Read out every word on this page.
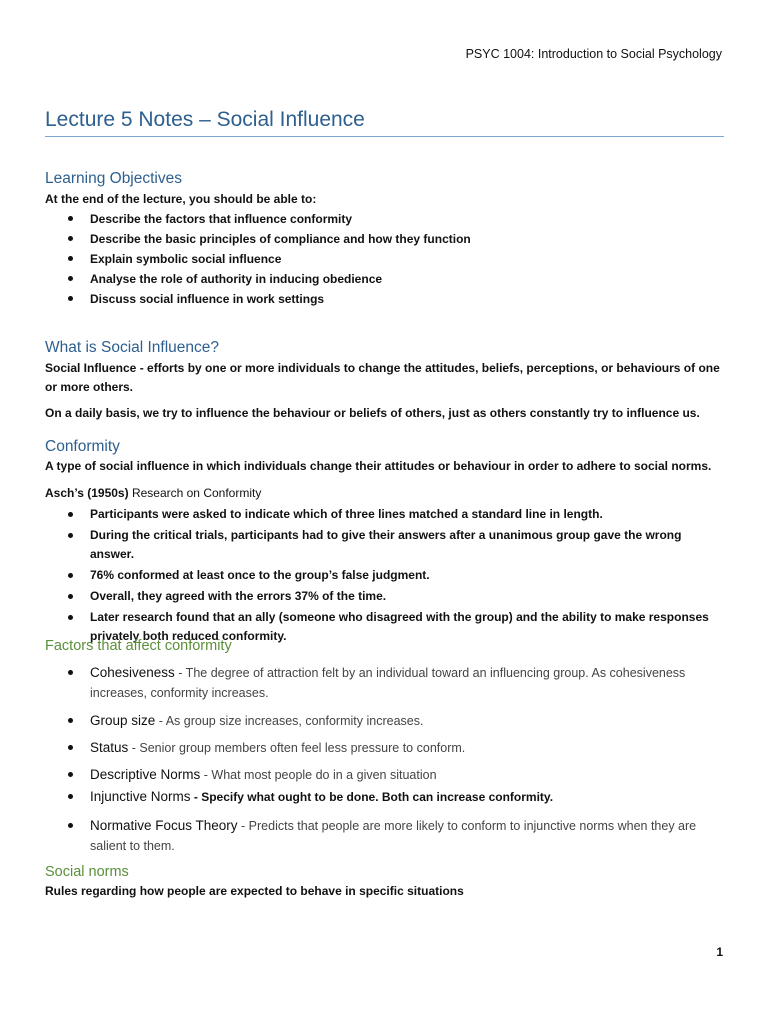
PSYC 1004: Introduction to Social Psychology
Lecture 5 Notes – Social Influence
Learning Objectives
At the end of the lecture, you should be able to:
Describe the factors that influence conformity
Describe the basic principles of compliance and how they function
Explain symbolic social influence
Analyse the role of authority in inducing obedience
Discuss social influence in work settings
What is Social Influence?
Social Influence - efforts by one or more individuals to change the attitudes, beliefs, perceptions, or behaviours of one or more others.
On a daily basis, we try to influence the behaviour or beliefs of others, just as others constantly try to influence us.
Conformity
A type of social influence in which individuals change their attitudes or behaviour in order to adhere to social norms.
Asch’s (1950s) Research on Conformity
Participants were asked to indicate which of three lines matched a standard line in length.
During the critical trials, participants had to give their answers after a unanimous group gave the wrong answer.
76% conformed at least once to the group’s false judgment.
Overall, they agreed with the errors 37% of the time.
Later research found that an ally (someone who disagreed with the group) and the ability to make responses privately both reduced conformity.
Factors that affect conformity
Cohesiveness - The degree of attraction felt by an individual toward an influencing group. As cohesiveness increases, conformity increases.
Group size - As group size increases, conformity increases.
Status - Senior group members often feel less pressure to conform.
Descriptive Norms - What most people do in a given situation
Injunctive Norms - Specify what ought to be done. Both can increase conformity.
Normative Focus Theory - Predicts that people are more likely to conform to injunctive norms when they are salient to them.
Social norms
Rules regarding how people are expected to behave in specific situations
1
